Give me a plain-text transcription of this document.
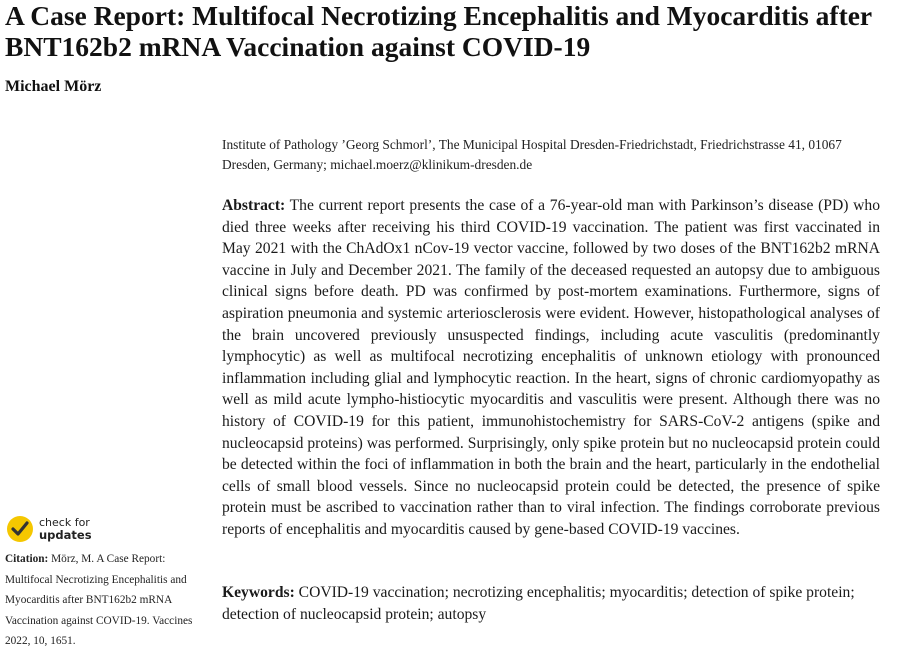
A Case Report: Multifocal Necrotizing Encephalitis and Myocarditis after BNT162b2 mRNA Vaccination against COVID-19
Michael Mörz
Institute of Pathology ’Georg Schmorl’, The Municipal Hospital Dresden-Friedrichstadt, Friedrichstrasse 41, 01067 Dresden, Germany; michael.moerz@klinikum-dresden.de

Abstract: The current report presents the case of a 76-year-old man with Parkinson’s disease (PD) who died three weeks after receiving his third COVID-19 vaccination. The patient was first vaccinated in May 2021 with the ChAdOx1 nCov-19 vector vaccine, followed by two doses of the BNT162b2 mRNA vaccine in July and December 2021. The family of the deceased requested an autopsy due to ambiguous clinical signs before death. PD was confirmed by post-mortem examinations. Furthermore, signs of aspiration pneumonia and systemic arteriosclerosis were evident. However, histopathological analyses of the brain uncovered previously unsuspected findings, including acute vasculitis (predominantly lymphocytic) as well as multifocal necrotizing encephalitis of unknown etiology with pronounced inflammation including glial and lymphocytic reaction. In the heart, signs of chronic cardiomyopathy as well as mild acute lympho-histiocytic myocarditis and vasculitis were present. Although there was no history of COVID-19 for this patient, immunohistochemistry for SARS-CoV-2 antigens (spike and nucleocapsid proteins) was performed. Surprisingly, only spike protein but no nucleocapsid protein could be detected within the foci of inflammation in both the brain and the heart, particularly in the endothelial cells of small blood vessels. Since no nucleocapsid protein could be detected, the presence of spike protein must be ascribed to vaccination rather than to viral infection. The findings corroborate previous reports of encephalitis and myocarditis caused by gene-based COVID-19 vaccines.

check for
updates

Citation: Mörz, M. A Case Report: Multifocal Necrotizing Encephalitis and Myocarditis after BNT162b2 mRNA Vaccination against COVID-19. Vaccines 2022, 10, 1651.

Keywords: COVID-19 vaccination; necrotizing encephalitis; myocarditis; detection of spike protein; detection of nucleocapsid protein; autopsy
